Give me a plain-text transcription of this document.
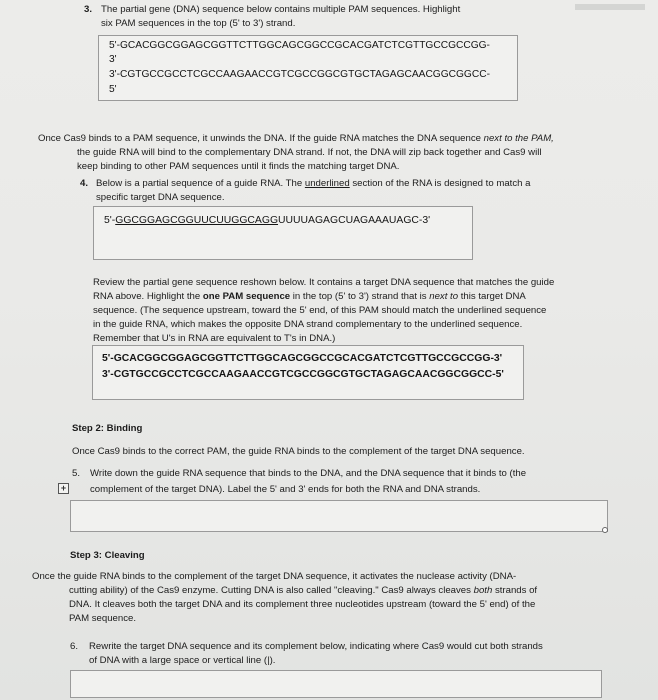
3. The partial gene (DNA) sequence below contains multiple PAM sequences. Highlight
six PAM sequences in the top (5' to 3') strand.
5'-GCACGGCGGAGCGGTTCTTGGCAGCGGCCGCACGATCTCGTTGCCGCCGG-
3'
3'-CGTGCCGCCTCGCCAAGAACCGTCGCCGGCGTGCTAGAGCAACGGCGGCC-
5'
Once Cas9 binds to a PAM sequence, it unwinds the DNA. If the guide RNA matches the DNA sequence next to the PAM,
the guide RNA will bind to the complementary DNA strand. If not, the DNA will zip back together and Cas9 will
keep binding to other PAM sequences until it finds the matching target DNA.
4. Below is a partial sequence of a guide RNA. The underlined section of the RNA is designed to match a
specific target DNA sequence.
5'-GGCGGAGCGGUUCUUGGCAGGUUUUAGAGCUAGAAAUAGC-3'
Review the partial gene sequence reshown below. It contains a target DNA sequence that matches the guide
RNA above. Highlight the one PAM sequence in the top (5' to 3') strand that is next to this target DNA
sequence. (The sequence upstream, toward the 5' end, of this PAM should match the underlined sequence
in the guide RNA, which makes the opposite DNA strand complementary to the underlined sequence.
Remember that U's in RNA are equivalent to T's in DNA.)
5'-GCACGGCGGAGCGGTTCTTGGCAGCGGCCGCACGATCTCGTTGCCGCCGG-3'
3'-CGTGCCGCCTCGCCAAGAACCGTCGCCGGCGTGCTAGAGCAACGGCGGCC-5'
Step 2: Binding
Once Cas9 binds to the correct PAM, the guide RNA binds to the complement of the target DNA sequence.
5. Write down the guide RNA sequence that binds to the DNA, and the DNA sequence that it binds to (the
+ complement of the target DNA). Label the 5' and 3' ends for both the RNA and DNA strands.
Step 3: Cleaving
Once the guide RNA binds to the complement of the target DNA sequence, it activates the nuclease activity (DNA-
cutting ability) of the Cas9 enzyme. Cutting DNA is also called "cleaving." Cas9 always cleaves both strands of
DNA. It cleaves both the target DNA and its complement three nucleotides upstream (toward the 5' end) of the
PAM sequence.
6. Rewrite the target DNA sequence and its complement below, indicating where Cas9 would cut both strands
of DNA with a large space or vertical line (|).
